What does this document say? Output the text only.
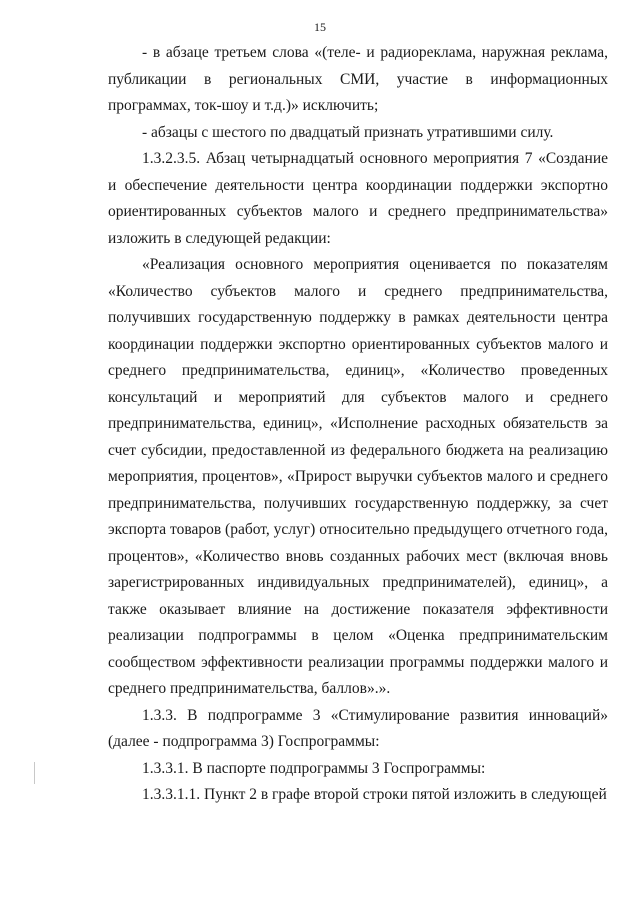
15

- в абзаце третьем слова «(теле- и радиореклама, наружная реклама, публикации в региональных СМИ, участие в информационных программах, ток-шоу и т.д.)» исключить;

- абзацы с шестого по двадцатый признать утратившими силу.

1.3.2.3.5. Абзац четырнадцатый основного мероприятия 7 «Создание и обеспечение деятельности центра координации поддержки экспортно ориентированных субъектов малого и среднего предпринимательства» изложить в следующей редакции:

«Реализация основного мероприятия оценивается по показателям «Количество субъектов малого и среднего предпринимательства, получивших государственную поддержку в рамках деятельности центра координации поддержки экспортно ориентированных субъектов малого и среднего предпринимательства, единиц», «Количество проведенных консультаций и мероприятий для субъектов малого и среднего предпринимательства, единиц», «Исполнение расходных обязательств за счет субсидии, предоставленной из федерального бюджета на реализацию мероприятия, процентов», «Прирост выручки субъектов малого и среднего предпринимательства, получивших государственную поддержку, за счет экспорта товаров (работ, услуг) относительно предыдущего отчетного года, процентов», «Количество вновь созданных рабочих мест (включая вновь зарегистрированных индивидуальных предпринимателей), единиц», а также оказывает влияние на достижение показателя эффективности реализации подпрограммы в целом «Оценка предпринимательским сообществом эффективности реализации программы поддержки малого и среднего предпринимательства, баллов».».

1.3.3. В подпрограмме 3 «Стимулирование развития инноваций» (далее - подпрограмма 3) Госпрограммы:

1.3.3.1. В паспорте подпрограммы 3 Госпрограммы:

1.3.3.1.1. Пункт 2 в графе второй строки пятой изложить в следующей
